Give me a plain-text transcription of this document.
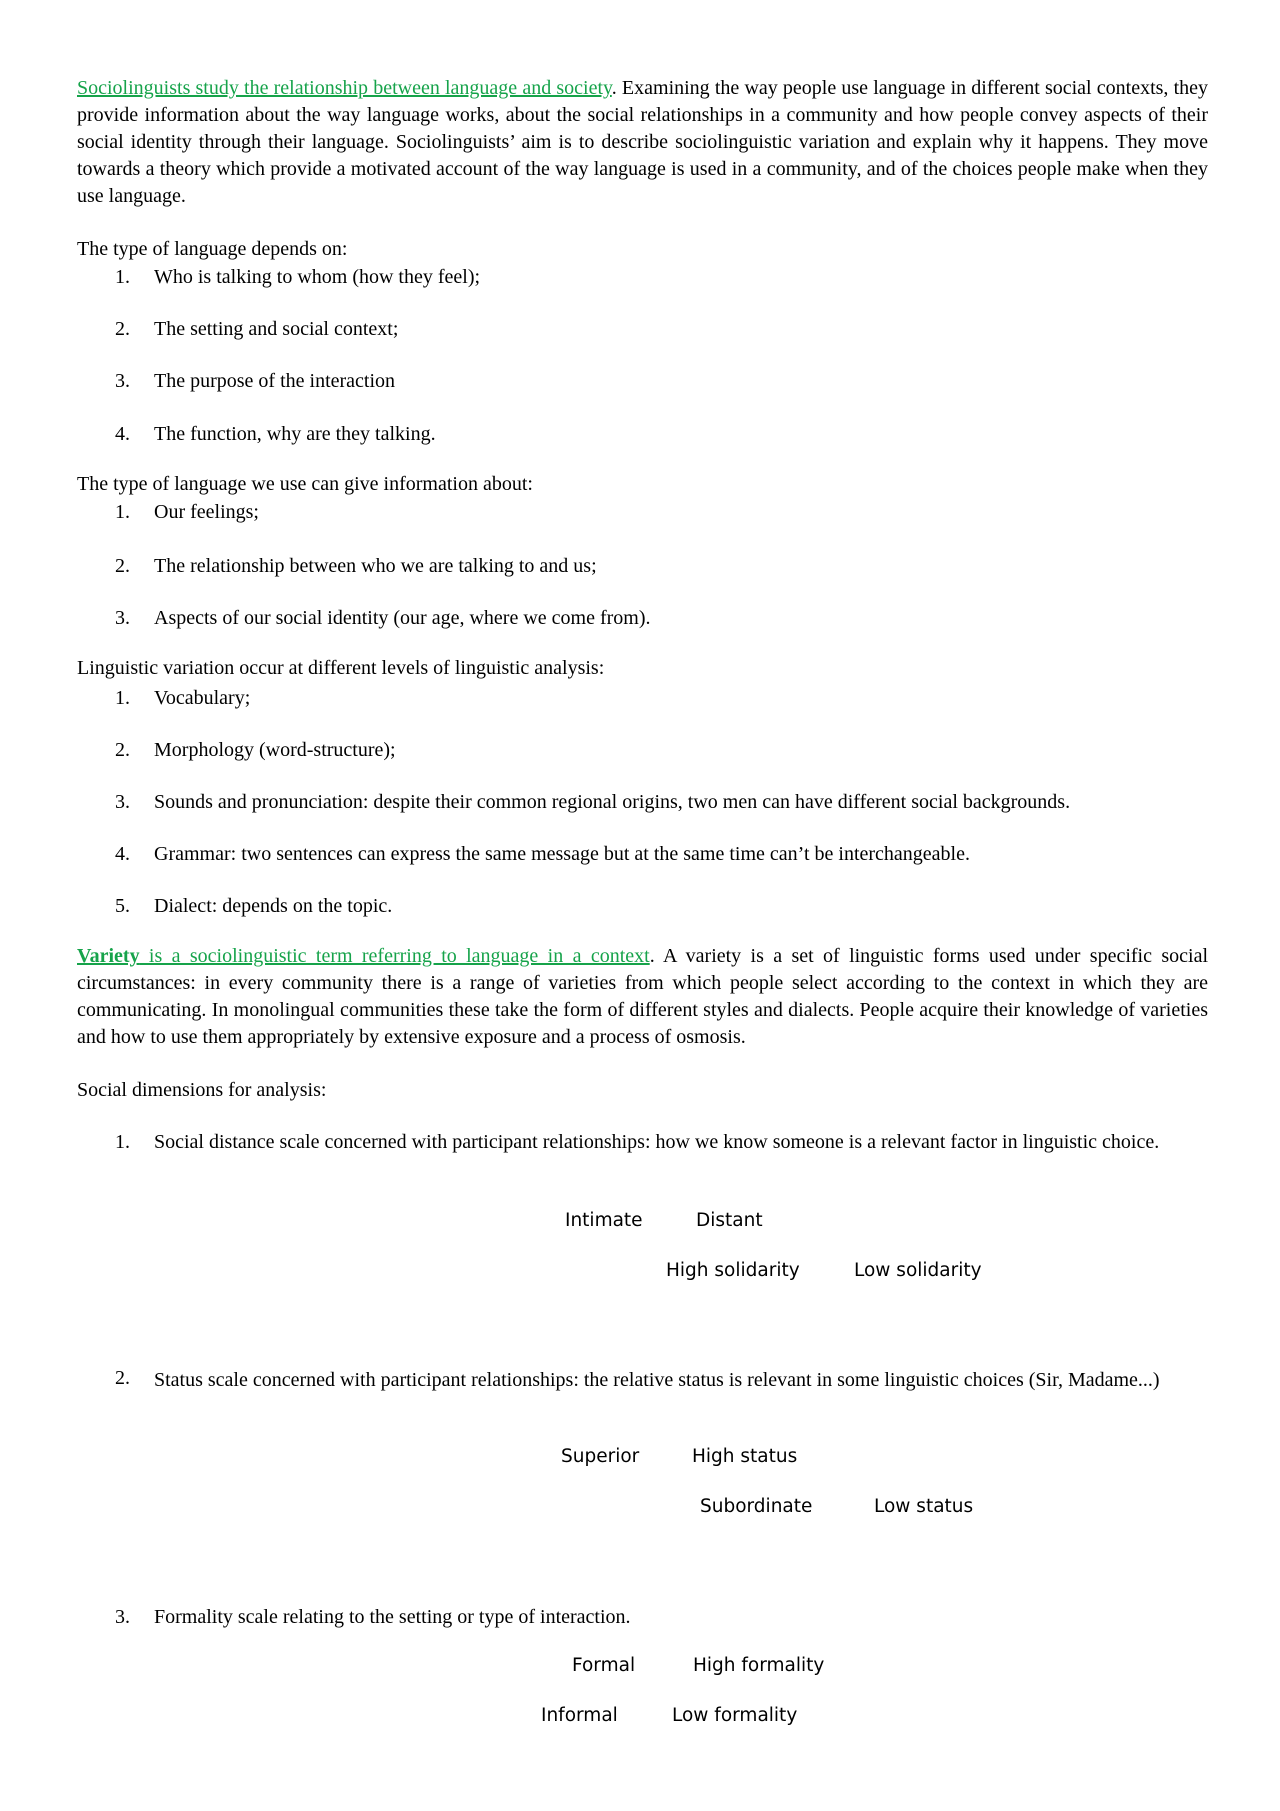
Sociolinguists study the relationship between language and society. Examining the way people use language in different social contexts, they provide information about the way language works, about the social relationships in a community and how people convey aspects of their social identity through their language. Sociolinguists’ aim is to describe sociolinguistic variation and explain why it happens. They move towards a theory which provide a motivated account of the way language is used in a community, and of the choices people make when they use language.

The type of language depends on:

1.	Who is talking to whom (how they feel);
2.	The setting and social context;
3.	The purpose of the interaction
4.	The function, why are they talking.

The type of language we use can give information about:

1.	Our feelings;
2.	The relationship between who we are talking to and us;
3.	Aspects of our social identity (our age, where we come from).

Linguistic variation occur at different levels of linguistic analysis:

1.	Vocabulary;
2.	Morphology (word-structure);
3.	Sounds and pronunciation: despite their common regional origins, two men can have different social backgrounds.
4.	Grammar: two sentences can express the same message but at the same time can’t be interchangeable.
5.	Dialect: depends on the topic.

Variety is a sociolinguistic term referring to language in a context. A variety is a set of linguistic forms used under specific social circumstances: in every community there is a range of varieties from which people select according to the context in which they are communicating. In monolingual communities these take the form of different styles and dialects. People acquire their knowledge of varieties and how to use them appropriately by extensive exposure and a process of osmosis.

Social dimensions for analysis:

1.	Social distance scale concerned with participant relationships: how we know someone is a relevant factor in linguistic choice.
Intimate	Distant
High solidarity	Low solidarity
2.	Status scale concerned with participant relationships: the relative status is relevant in some linguistic choices (Sir, Madame...)
Superior	High status
Subordinate	Low status
3.	Formality scale relating to the setting or type of interaction.
Formal	High formality
Informal	Low formality
